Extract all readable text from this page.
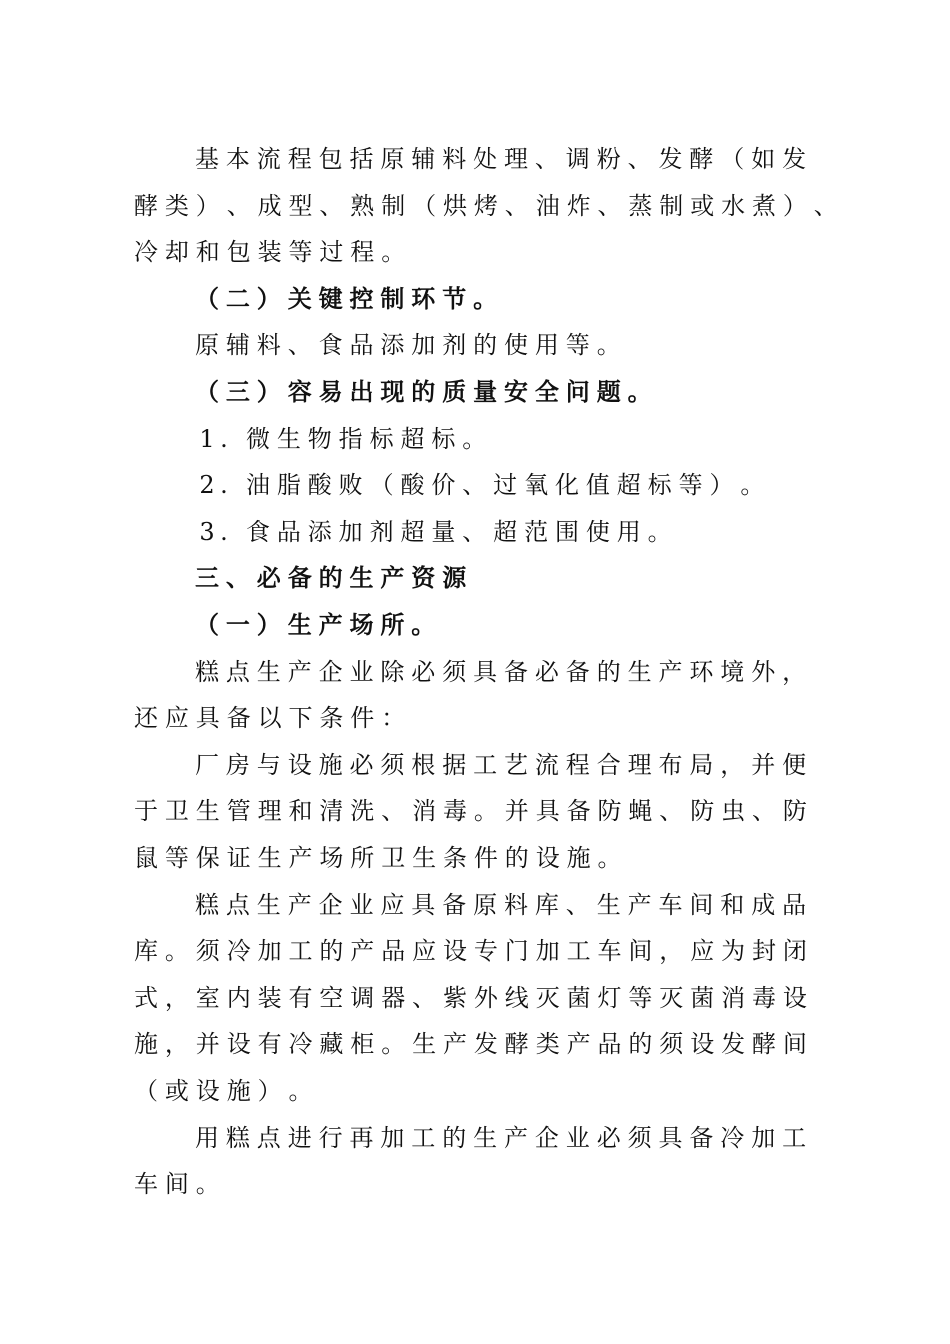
基 本 流 程 包 括 原 辅 料 处 理 、 调 粉 、 发 酵 （ 如 发
酵 类 ） 、 成 型 、 熟 制 （ 烘 烤 、 油 炸 、 蒸 制 或 水 煮 ） 、
冷 却 和 包 装 等 过 程 。
（ 二 ） 关 键 控 制 环 节 。
原 辅 料 、 食 品 添 加 剂 的 使 用 等 。
（ 三 ） 容 易 出 现 的 质 量 安 全 问 题 。
1 . 微 生 物 指 标 超 标 。
2 . 油 脂 酸 败 （ 酸 价 、 过 氧 化 值 超 标 等 ） 。
3 . 食 品 添 加 剂 超 量 、 超 范 围 使 用 。
三 、 必 备 的 生 产 资 源
（ 一 ） 生 产 场 所 。
糕 点 生 产 企 业 除 必 须 具 备 必 备 的 生 产 环 境 外 ，
还 应 具 备 以 下 条 件 ：
厂 房 与 设 施 必 须 根 据 工 艺 流 程 合 理 布 局 ， 并 便
于 卫 生 管 理 和 清 洗 、 消 毒 。 并 具 备 防 蝇 、 防 虫 、 防
鼠 等 保 证 生 产 场 所 卫 生 条 件 的 设 施 。
糕 点 生 产 企 业 应 具 备 原 料 库 、 生 产 车 间 和 成 品
库 。 须 冷 加 工 的 产 品 应 设 专 门 加 工 车 间 ， 应 为 封 闭
式 ， 室 内 装 有 空 调 器 、 紫 外 线 灭 菌 灯 等 灭 菌 消 毒 设
施 ， 并 设 有 冷 藏 柜 。 生 产 发 酵 类 产 品 的 须 设 发 酵 间
（ 或 设 施 ） 。
用 糕 点 进 行 再 加 工 的 生 产 企 业 必 须 具 备 冷 加 工
车 间 。
